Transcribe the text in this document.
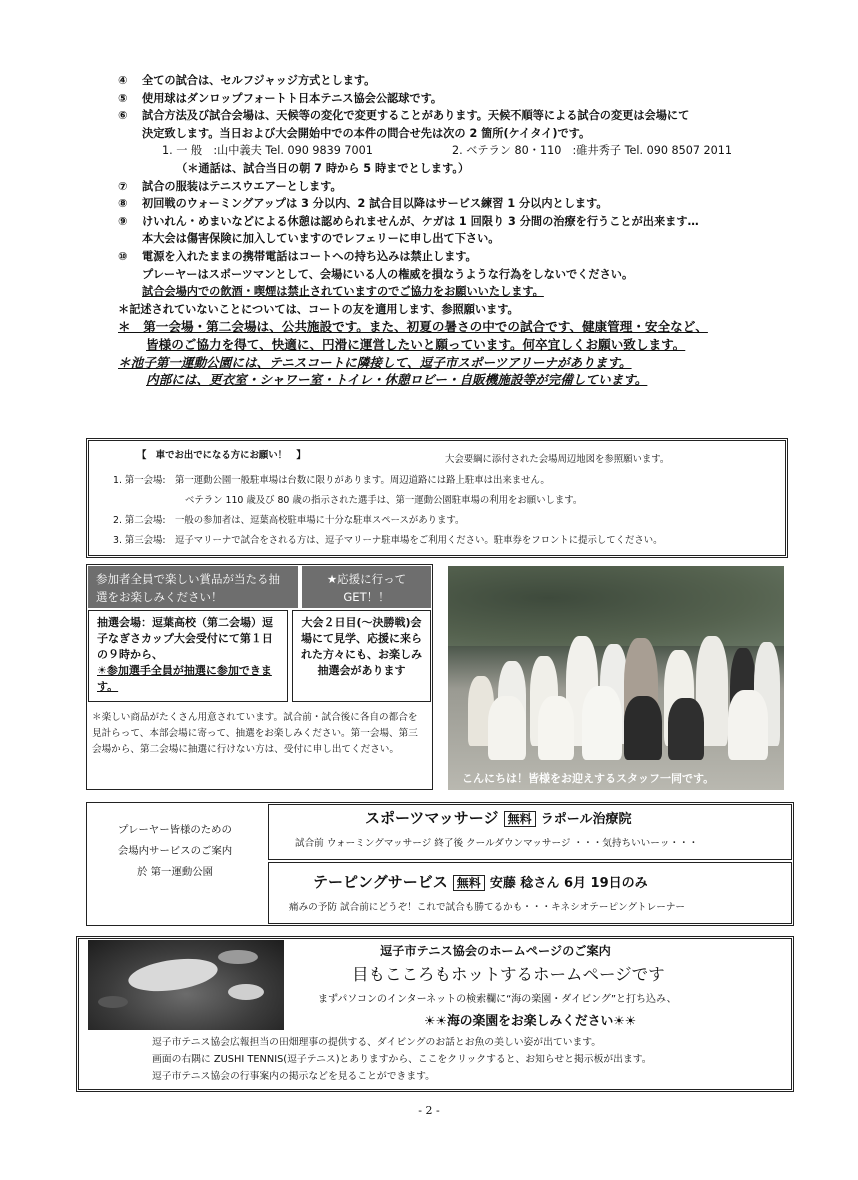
④	全ての試合は、セルフジャッジ方式とします。
⑤	使用球はダンロップフォートト日本テニス協会公認球です。
⑥	試合方法及び試合会場は、天候等の変化で変更することがあります。天候不順等による試合の変更は会場にて
決定致します。当日および大会開始中での本件の問合せ先は次の 2 箇所(ケイタイ)です。
1. 一 般　:山中義夫 Tel. 090 9839 7001	2. ベテラン 80・110　:碓井秀子 Tel. 090 8507 2011
（＊通話は、試合当日の朝 7 時から 5 時までとします。）
⑦	試合の服装はテニスウエアーとします。
⑧	初回戦のウォーミングアップは 3 分以内、2 試合目以降はサービス練習 1 分以内とします。
⑨	けいれん・めまいなどによる休憩は認められませんが、ケガは 1 回限り 3 分間の治療を行うことが出来ます…
本大会は傷害保険に加入していますのでレフェリーに申し出て下さい。
⑩	電源を入れたままの携帯電話はコートへの持ち込みは禁止します。
プレーヤーはスポーツマンとして、会場にいる人の権威を損なうような行為をしないでください。
試合会場内での飲酒・喫煙は禁止されていますのでご協力をお願いいたします。
＊記述されていないことについては、コートの友を適用します、参照願います。
＊　第一会場・第二会場は、公共施設です。また、初夏の暑さの中での試合です、健康管理・安全など、
皆様のご協力を得て、快適に、円滑に運営したいと願っています。何卒宜しくお願い致します。
＊池子第一運動公園には、テニスコートに隣接して、逗子市スポーツアリーナがあります。
内部には、更衣室・シャワー室・トイレ・休憩ロビー・自販機施設等が完備しています。
【　車でお出でになる方にお願い！　】	大会要綱に添付された会場周辺地図を参照願います。
1. 第一会場:　第一運動公園一般駐車場は台数に限りがあります。周辺道路には路上駐車は出来ません。
ベテラン 110 歳及び 80 歳の指示された選手は、第一運動公園駐車場の利用をお願いします。
2. 第二会場:　一般の参加者は、逗葉高校駐車場に十分な駐車スペースがあります。
3. 第三会場:　逗子マリーナで試合をされる方は、逗子マリーナ駐車場をご利用ください。駐車券をフロントに提示してください。
参加者全員で楽しい賞品が当たる抽選をお楽しみください！
★応援に行って GET！！
抽選会場：逗葉高校（第二会場）逗子なぎさカップ大会受付にて第１日の９時から、
☀参加選手全員が抽選に参加できます。
大会２日目(～決勝戦)会場にて見学、応援に来られた方々にも、お楽しみ抽選会があります
＊楽しい商品がたくさん用意されています。試合前・試合後に各自の都合を見計らって、本部会場に寄って、抽選をお楽しみください。第一会場、第三会場から、第二会場に抽選に行けない方は、受付に申し出てください。
こんにちは！皆様をお迎えするスタッフ一同です。
プレーヤー皆様のための
会場内サービスのご案内
於 第一運動公園
スポーツマッサージ 無料 ラポール治療院
試合前 ウォーミングマッサージ 終了後 クールダウンマッサージ ・・・気持ちいいーッ・・・
テーピングサービス 無料 安藤 稔さん 6月 19日のみ
痛みの予防 試合前にどうぞ！これで試合も勝てるかも・・・キネシオテーピングトレーナー
逗子市テニス協会のホームページのご案内
目もこころもホットするホームページです
まずパソコンのインターネットの検索欄に“海の楽園・ダイビング”と打ち込み、
☀☀海の楽園をお楽しみください☀☀
逗子市テニス協会広報担当の田畑理事の提供する、ダイビングのお話とお魚の美しい姿が出ています。
画面の右隅に ZUSHI TENNIS(逗子テニス)とありますから、ここをクリックすると、お知らせと掲示板が出ます。
逗子市テニス協会の行事案内の掲示などを見ることができます。
- 2 -
